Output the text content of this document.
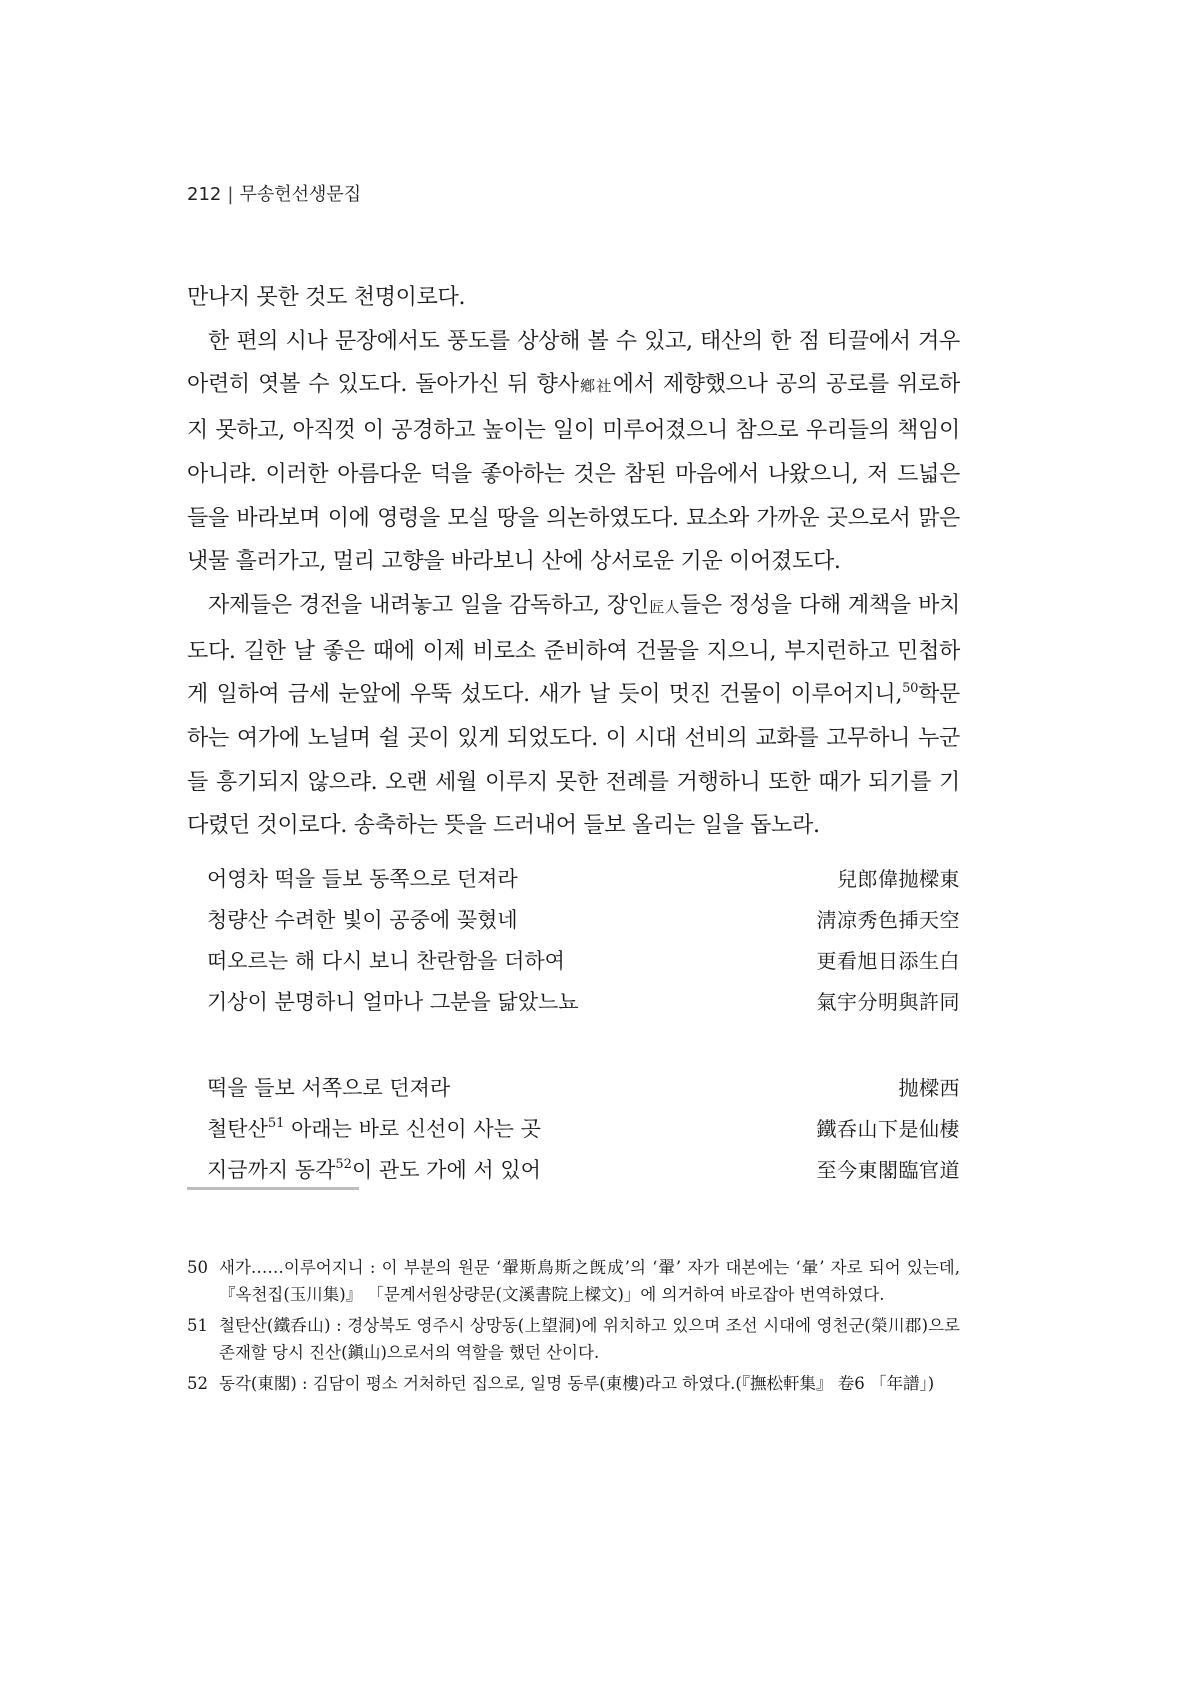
212 | 무송헌선생문집

만나지 못한 것도 천명이로다.

한 편의 시나 문장에서도 풍도를 상상해 볼 수 있고, 태산의 한 점 티끌에서 겨우 아련히 엿볼 수 있도다. 돌아가신 뒤 향사鄕社에서 제향했으나 공의 공로를 위로하지 못하고, 아직껏 이 공경하고 높이는 일이 미루어졌으니 참으로 우리들의 책임이 아니랴. 이러한 아름다운 덕을 좋아하는 것은 참된 마음에서 나왔으니, 저 드넓은 들을 바라보며 이에 영령을 모실 땅을 의논하였도다. 묘소와 가까운 곳으로서 맑은 냇물 흘러가고, 멀리 고향을 바라보니 산에 상서로운 기운 이어졌도다.

자제들은 경전을 내려놓고 일을 감독하고, 장인匠人들은 정성을 다해 계책을 바치도다. 길한 날 좋은 때에 이제 비로소 준비하여 건물을 지으니, 부지런하고 민첩하게 일하여 금세 눈앞에 우뚝 섰도다. 새가 날 듯이 멋진 건물이 이루어지니,$^{50}$학문하는 여가에 노닐며 쉴 곳이 있게 되었도다. 이 시대 선비의 교화를 고무하니 누군들 흥기되지 않으랴. 오랜 세월 이루지 못한 전례를 거행하니 또한 때가 되기를 기다렸던 것이로다. 송축하는 뜻을 드러내어 들보 올리는 일을 돕노라.

어영차 떡을 들보 동쪽으로 던져라	兒郎偉抛樑東
청량산 수려한 빛이 공중에 꽂혔네	淸凉秀色揷天空
떠오르는 해 다시 보니 찬란함을 더하여	更看旭日添生白
기상이 분명하니 얼마나 그분을 닮았느뇨	氣宇分明與許同
떡을 들보 서쪽으로 던져라	抛樑西
철탄산$^{51}$ 아래는 바로 신선이 사는 곳	鐵呑山下是仙棲
지금까지 동각$^{52}$이 관도 가에 서 있어	至今東閣臨官道
50 새가……이루어지니 : 이 부분의 원문 ‘翬斯鳥斯之旣成’의 ‘翬’ 자가 대본에는 ‘暈’ 자로 되어 있는데, 『옥천집(玉川集)』 「문계서원상량문(文溪書院上樑文)」에 의거하여 바로잡아 번역하였다.
51 철탄산(鐵呑山) : 경상북도 영주시 상망동(上望洞)에 위치하고 있으며 조선 시대에 영천군(榮川郡)으로 존재할 당시 진산(鎭山)으로서의 역할을 했던 산이다.
52 동각(東閣) : 김담이 평소 거처하던 집으로, 일명 동루(東樓)라고 하였다.(『撫松軒集』 卷6 「年譜」)
